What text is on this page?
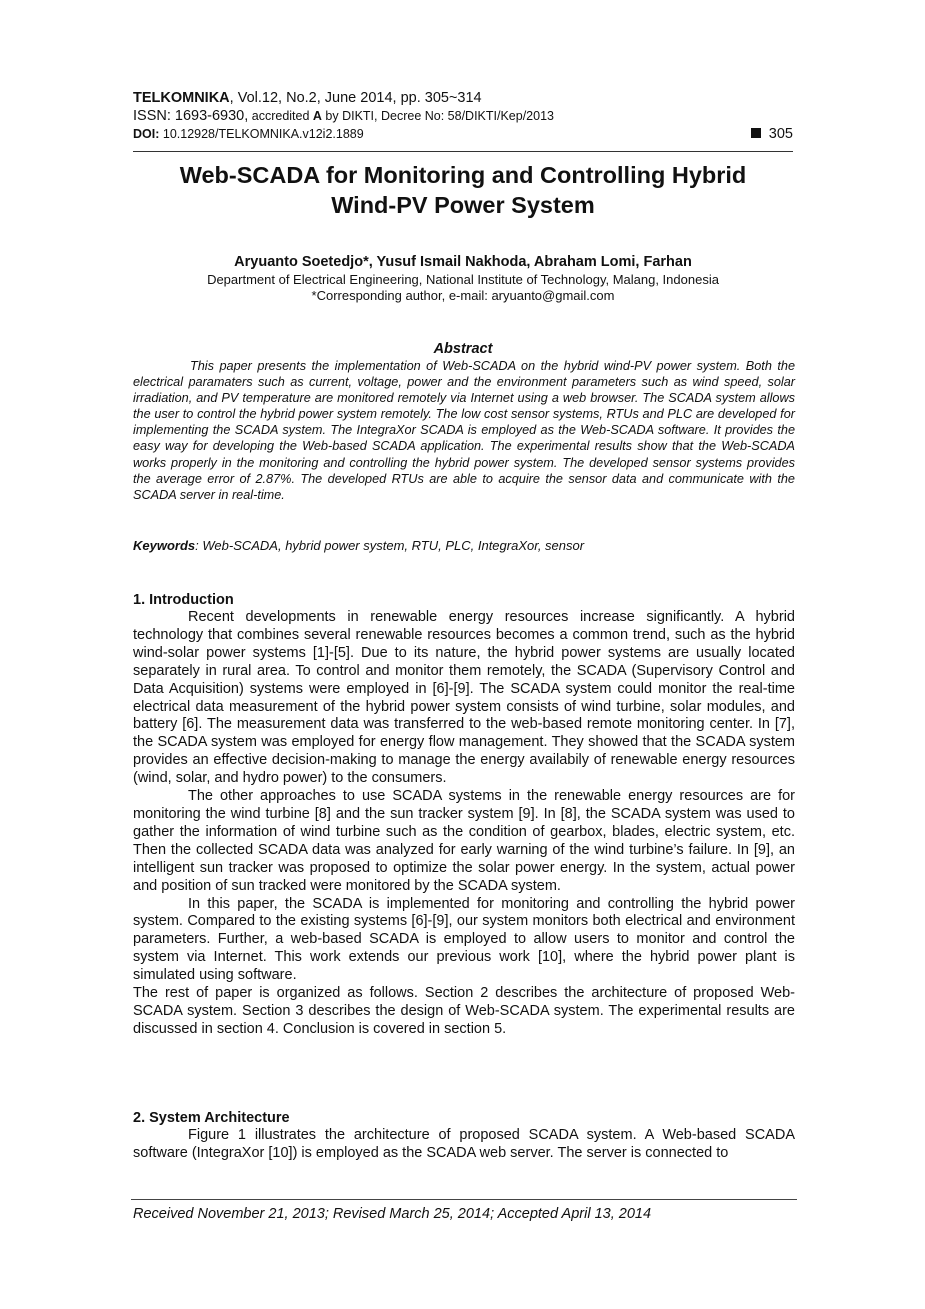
TELKOMNIKA, Vol.12, No.2, June 2014, pp. 305~314
ISSN: 1693-6930, accredited A by DIKTI, Decree No: 58/DIKTI/Kep/2013
DOI: 10.12928/TELKOMNIKA.v12i2.1889	305
Web-SCADA for Monitoring and Controlling Hybrid
Wind-PV Power System
Aryuanto Soetedjo*, Yusuf Ismail Nakhoda, Abraham Lomi, Farhan
Department of Electrical Engineering, National Institute of Technology, Malang, Indonesia
*Corresponding author, e-mail: aryuanto@gmail.com
Abstract

This paper presents the implementation of Web-SCADA on the hybrid wind-PV power system. Both the electrical paramaters such as current, voltage, power and the environment parameters such as wind speed, solar irradiation, and PV temperature are monitored remotely via Internet using a web browser. The SCADA system allows the user to control the hybrid power system remotely. The low cost sensor systems, RTUs and PLC are developed for implementing the SCADA system. The IntegraXor SCADA is employed as the Web-SCADA software. It provides the easy way for developing the Web-based SCADA application. The experimental results show that the Web-SCADA works properly in the monitoring and controlling the hybrid power system. The developed sensor systems provides the average error of 2.87%. The developed RTUs are able to acquire the sensor data and communicate with the SCADA server in real-time.

Keywords: Web-SCADA, hybrid power system, RTU, PLC, IntegraXor, sensor

1. Introduction

Recent developments in renewable energy resources increase significantly. A hybrid technology that combines several renewable resources becomes a common trend, such as the hybrid wind-solar power systems [1]-[5]. Due to its nature, the hybrid power systems are usually located separately in rural area. To control and monitor them remotely, the SCADA (Supervisory Control and Data Acquisition) systems were employed in [6]-[9]. The SCADA system could monitor the real-time electrical data measurement of the hybrid power system consists of wind turbine, solar modules, and battery [6]. The measurement data was transferred to the web-based remote monitoring center. In [7], the SCADA system was employed for energy flow management. They showed that the SCADA system provides an effective decision-making to manage the energy availabily of renewable energy resources (wind, solar, and hydro power) to the consumers.

The other approaches to use SCADA systems in the renewable energy resources are for monitoring the wind turbine [8] and the sun tracker system [9]. In [8], the SCADA system was used to gather the information of wind turbine such as the condition of gearbox, blades, electric system, etc. Then the collected SCADA data was analyzed for early warning of the wind turbine’s failure. In [9], an intelligent sun tracker was proposed to optimize the solar power energy. In the system, actual power and position of sun tracked were monitored by the SCADA system.

In this paper, the SCADA is implemented for monitoring and controlling the hybrid power system. Compared to the existing systems [6]-[9], our system monitors both electrical and environment parameters. Further, a web-based SCADA is employed to allow users to monitor and control the system via Internet. This work extends our previous work [10], where the hybrid power plant is simulated using software.

The rest of paper is organized as follows. Section 2 describes the architecture of proposed Web-SCADA system. Section 3 describes the design of Web-SCADA system. The experimental results are discussed in section 4. Conclusion is covered in section 5.

2. System Architecture

Figure 1 illustrates the architecture of proposed SCADA system. A Web-based SCADA software (IntegraXor [10]) is employed as the SCADA web server. The server is connected to

Received November 21, 2013; Revised March 25, 2014; Accepted April 13, 2014
